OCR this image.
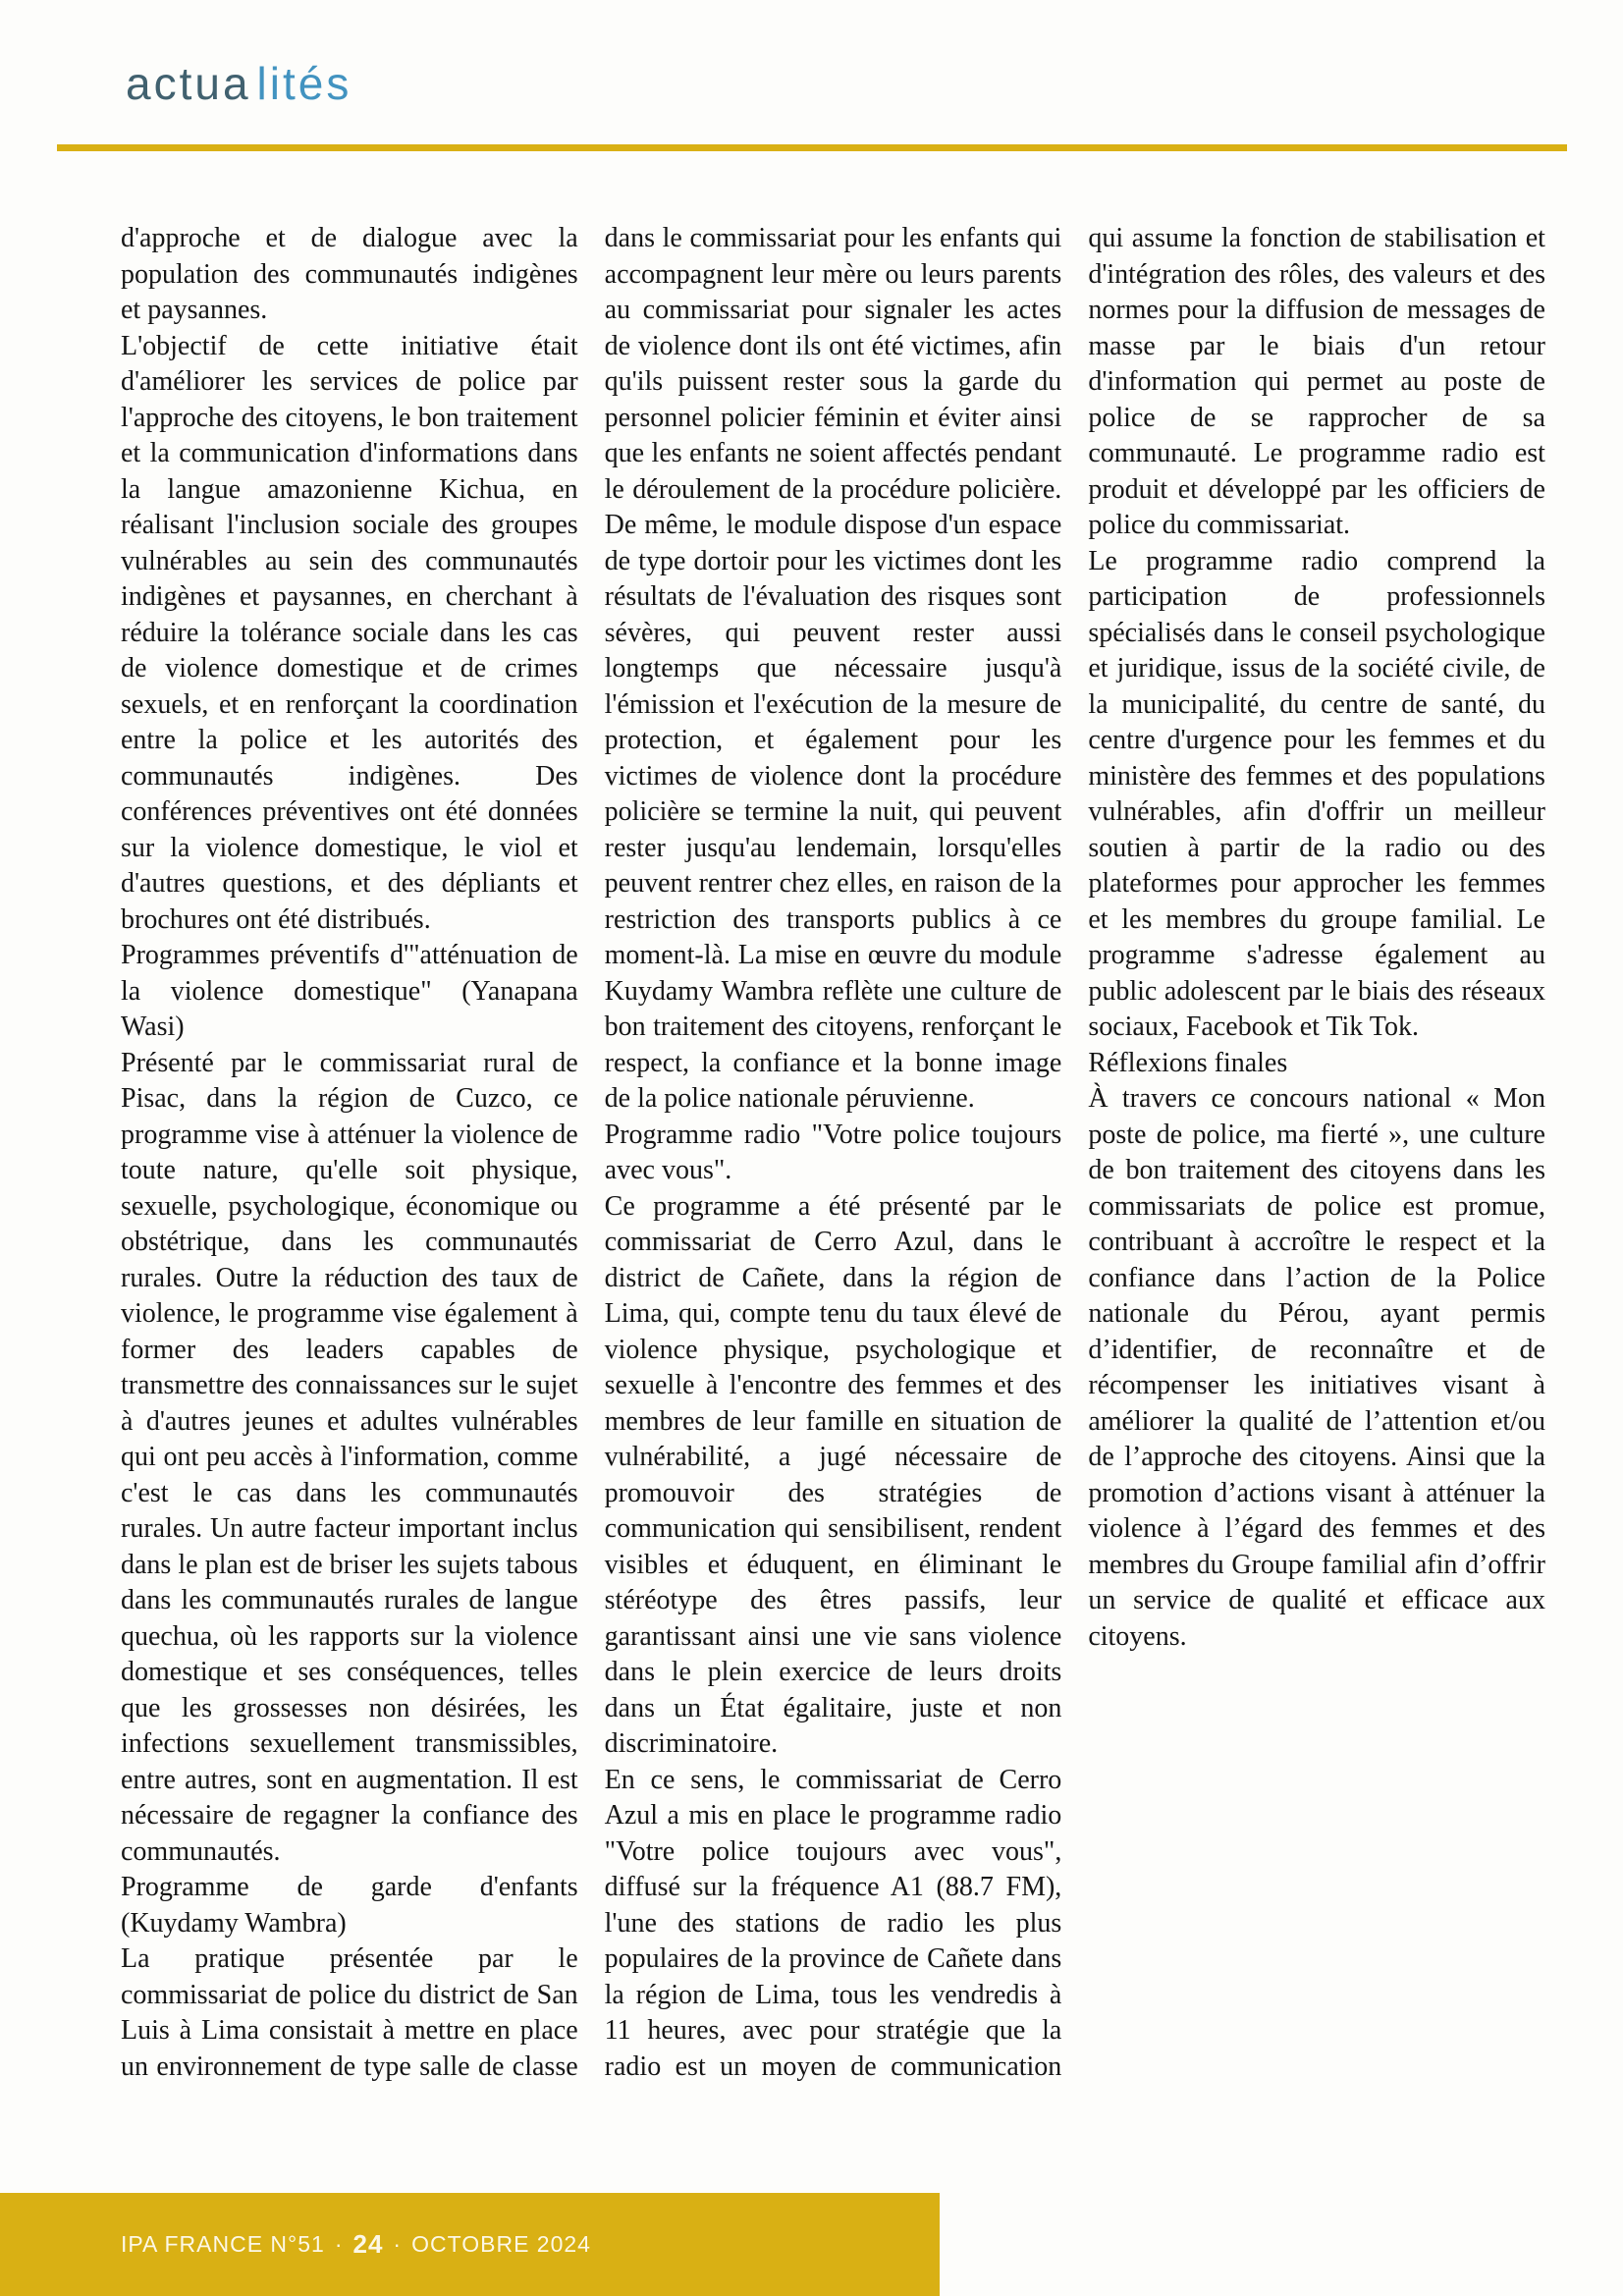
actua lités

d'approche et de dialogue avec la population des communautés indigènes et paysannes.

L'objectif de cette initiative était d'améliorer les services de police par l'approche des citoyens, le bon traitement et la communication d'informations dans la langue amazonienne Kichua, en réalisant l'inclusion sociale des groupes vulnérables au sein des communautés indigènes et paysannes, en cherchant à réduire la tolérance sociale dans les cas de violence domestique et de crimes sexuels, et en renforçant la coordination entre la police et les autorités des communautés indigènes. Des conférences préventives ont été données sur la violence domestique, le viol et d'autres questions, et des dépliants et brochures ont été distribués.

Programmes préventifs d'"atténuation de la violence domestique" (Yanapana Wasi)

Présenté par le commissariat rural de Pisac, dans la région de Cuzco, ce programme vise à atténuer la violence de toute nature, qu'elle soit physique, sexuelle, psychologique, économique ou obstétrique, dans les communautés rurales. Outre la réduction des taux de violence, le programme vise également à former des leaders capables de transmettre des connaissances sur le sujet à d'autres jeunes et adultes vulnérables qui ont peu accès à l'information, comme c'est le cas dans les communautés rurales. Un autre facteur important inclus dans le plan est de briser les sujets tabous dans les communautés rurales de langue quechua, où les rapports sur la violence domestique et ses conséquences, telles que les grossesses non désirées, les infections sexuellement transmissibles, entre autres, sont en augmentation. Il est nécessaire de regagner la confiance des communautés.

Programme de garde d'enfants (Kuydamy Wambra)

La pratique présentée par le commissariat de police du district de San Luis à Lima consistait à mettre en place un environnement de type salle de classe dans le commissariat pour les enfants qui accompagnent leur mère ou leurs parents au commissariat pour signaler les actes de violence dont ils ont été victimes, afin qu'ils puissent rester sous la garde du personnel policier féminin et éviter ainsi que les enfants ne soient affectés pendant le déroulement de la procédure policière. De même, le module dispose d'un espace de type dortoir pour les victimes dont les résultats de l'évaluation des risques sont sévères, qui peuvent rester aussi longtemps que nécessaire jusqu'à l'émission et l'exécution de la mesure de protection, et également pour les victimes de violence dont la procédure policière se termine la nuit, qui peuvent rester jusqu'au lendemain, lorsqu'elles peuvent rentrer chez elles, en raison de la restriction des transports publics à ce moment-là. La mise en œuvre du module Kuydamy Wambra reflète une culture de bon traitement des citoyens, renforçant le respect, la confiance et la bonne image de la police nationale péruvienne.

Programme radio "Votre police toujours avec vous".

Ce programme a été présenté par le commissariat de Cerro Azul, dans le district de Cañete, dans la région de Lima, qui, compte tenu du taux élevé de violence physique, psychologique et sexuelle à l'encontre des femmes et des membres de leur famille en situation de vulnérabilité, a jugé nécessaire de promouvoir des stratégies de communication qui sensibilisent, rendent visibles et éduquent, en éliminant le stéréotype des êtres passifs, leur garantissant ainsi une vie sans violence dans le plein exercice de leurs droits dans un État égalitaire, juste et non discriminatoire.

En ce sens, le commissariat de Cerro Azul a mis en place le programme radio "Votre police toujours avec vous", diffusé sur la fréquence A1 (88.7 FM), l'une des stations de radio les plus populaires de la province de Cañete dans la région de Lima, tous les vendredis à 11 heures, avec pour stratégie que la radio est un moyen de communication qui assume la fonction de stabilisation et d'intégration des rôles, des valeurs et des normes pour la diffusion de messages de masse par le biais d'un retour d'information qui permet au poste de police de se rapprocher de sa communauté. Le programme radio est produit et développé par les officiers de police du commissariat.

Le programme radio comprend la participation de professionnels spécialisés dans le conseil psychologique et juridique, issus de la société civile, de la municipalité, du centre de santé, du centre d'urgence pour les femmes et du ministère des femmes et des populations vulnérables, afin d'offrir un meilleur soutien à partir de la radio ou des plateformes pour approcher les femmes et les membres du groupe familial. Le programme s'adresse également au public adolescent par le biais des réseaux sociaux, Facebook et Tik Tok.

Réflexions finales

À travers ce concours national « Mon poste de police, ma fierté », une culture de bon traitement des citoyens dans les commissariats de police est promue, contribuant à accroître le respect et la confiance dans l’action de la Police nationale du Pérou, ayant permis d’identifier, de reconnaître et de récompenser les initiatives visant à améliorer la qualité de l’attention et/ou de l’approche des citoyens. Ainsi que la promotion d’actions visant à atténuer la violence à l’égard des femmes et des membres du Groupe familial afin d’offrir un service de qualité et efficace aux citoyens.

IPA FRANCE N°51 · 24 · OCTOBRE 2024
